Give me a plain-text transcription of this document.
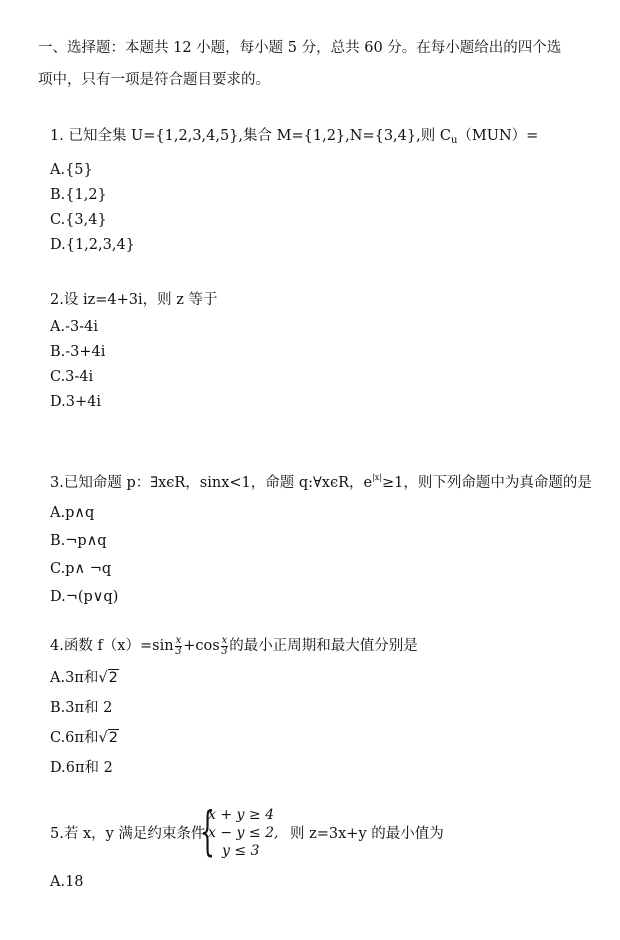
一、选择题：本题共 12 小题，每小题 5 分，总共 60 分。在每小题给出的四个选
项中，只有一项是符合题目要求的。
1. 已知全集 U={1,2,3,4,5},集合 M={1,2},N={3,4},则 $C_u(MUN)=$
A.{5}
B.{1,2}
C.{3,4}
D.{1,2,3,4}
2.设 iz=4+3i，则 z 等于
A.-3-4i
B.-3+4i
C.3-4i
D.3+4i
3.已知命题 p：∃xϵR，sinx<1，命题 q:∀xϵR，$e^{|x|}\ge 1$，则下列命题中为真命题的是
A.p∧q
B.¬p∧q
C.p∧ ¬q
D.¬(p∨q)
4.函数 $f(x)=\sin \frac{x}{3} +\cos \frac{x}{3}$ 的最小正周期和最大值分别是
A.3π和√2
B.3π和 2
C.6π和√2
D.6π和 2
5.若 x，y 满足约束条件
{
x + y ≥ 4
x − y ≤ 2,
y ≤ 3
则 z=3x+y 的最小值为
A.18
